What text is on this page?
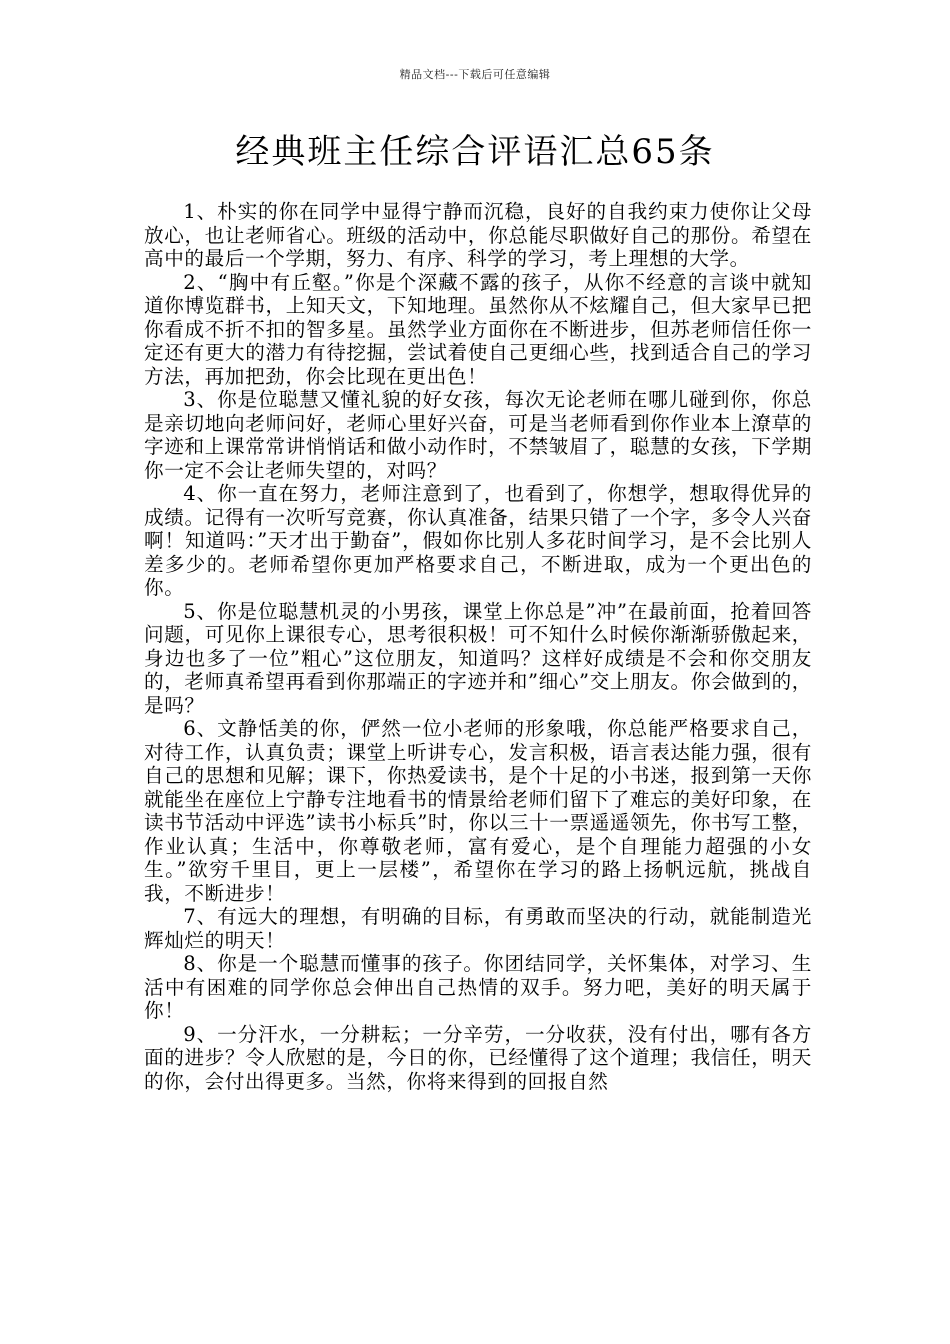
精品文档---下载后可任意编辑
经典班主任综合评语汇总65条

1、朴实的你在同学中显得宁静而沉稳，良好的自我约束力使你让父母放心，也让老师省心。班级的活动中，你总能尽职做好自己的那份。希望在高中的最后一个学期，努力、有序、科学的学习，考上理想的大学。

2、“胸中有丘壑。”你是个深藏不露的孩子，从你不经意的言谈中就知道你博览群书，上知天文，下知地理。虽然你从不炫耀自己，但大家早已把你看成不折不扣的智多星。虽然学业方面你在不断进步，但苏老师信任你一定还有更大的潜力有待挖掘，尝试着使自己更细心些，找到适合自己的学习方法，再加把劲，你会比现在更出色！

3、你是位聪慧又懂礼貌的好女孩，每次无论老师在哪儿碰到你，你总是亲切地向老师问好，老师心里好兴奋，可是当老师看到你作业本上潦草的字迹和上课常常讲悄悄话和做小动作时，不禁皱眉了，聪慧的女孩，下学期你一定不会让老师失望的，对吗？

4、你一直在努力，老师注意到了，也看到了，你想学，想取得优异的成绩。记得有一次听写竞赛，你认真准备，结果只错了一个字，多令人兴奋啊！知道吗：”天才出于勤奋”，假如你比别人多花时间学习，是不会比别人差多少的。老师希望你更加严格要求自己，不断进取，成为一个更出色的你。

5、你是位聪慧机灵的小男孩，课堂上你总是”冲”在最前面，抢着回答问题，可见你上课很专心，思考很积极！可不知什么时候你渐渐骄傲起来，身边也多了一位”粗心”这位朋友，知道吗？这样好成绩是不会和你交朋友的，老师真希望再看到你那端正的字迹并和”细心”交上朋友。你会做到的，是吗？

6、文静恬美的你，俨然一位小老师的形象哦，你总能严格要求自己，对待工作，认真负责；课堂上听讲专心，发言积极，语言表达能力强，很有自己的思想和见解；课下，你热爱读书，是个十足的小书迷，报到第一天你就能坐在座位上宁静专注地看书的情景给老师们留下了难忘的美好印象，在读书节活动中评选”读书小标兵”时，你以三十一票遥遥领先，你书写工整，作业认真；生活中，你尊敬老师，富有爱心，是个自理能力超强的小女生。”欲穷千里目，更上一层楼”，希望你在学习的路上扬帆远航，挑战自我，不断进步！

7、有远大的理想，有明确的目标，有勇敢而坚决的行动，就能制造光辉灿烂的明天！

8、你是一个聪慧而懂事的孩子。你团结同学，关怀集体，对学习、生活中有困难的同学你总会伸出自己热情的双手。努力吧，美好的明天属于你！

9、一分汗水，一分耕耘；一分辛劳，一分收获，没有付出，哪有各方面的进步？令人欣慰的是，今日的你，已经懂得了这个道理；我信任，明天的你，会付出得更多。当然，你将来得到的回报自然
